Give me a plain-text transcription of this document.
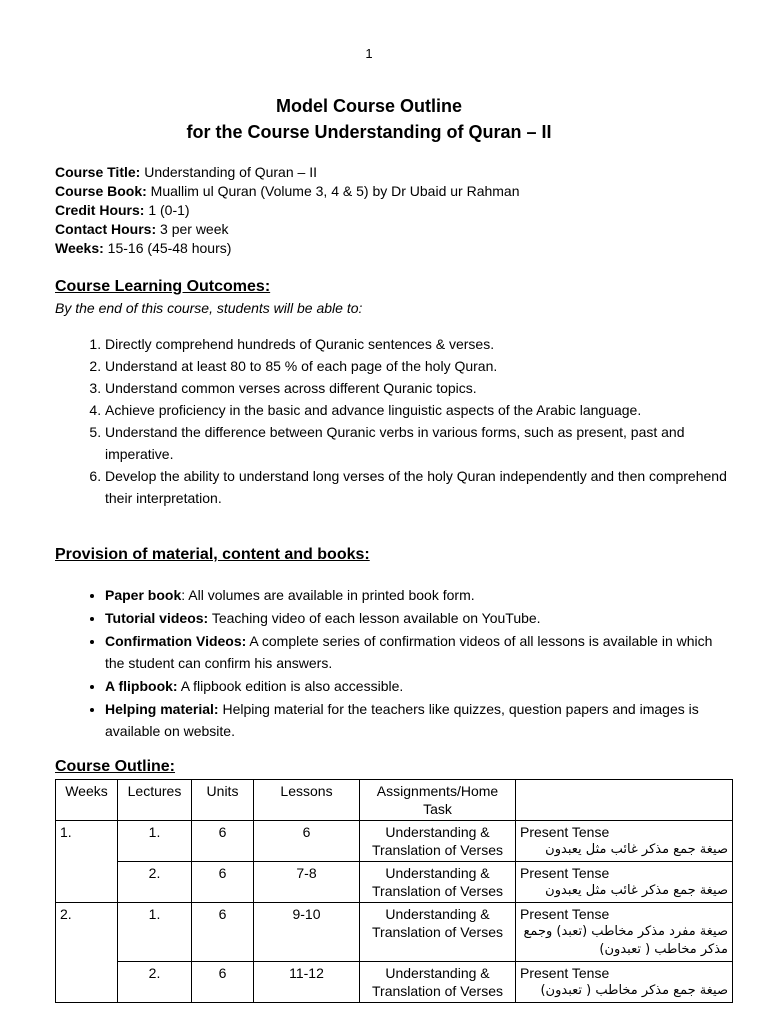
1
Model Course Outline
for the Course Understanding of Quran – II
Course Title: Understanding of Quran – II
Course Book: Muallim ul Quran (Volume 3, 4 & 5) by Dr Ubaid ur Rahman
Credit Hours: 1 (0-1)
Contact Hours: 3 per week
Weeks: 15-16 (45-48 hours)
Course Learning Outcomes:
By the end of this course, students will be able to:
1. Directly comprehend hundreds of Quranic sentences & verses.
2. Understand at least 80 to 85 % of each page of the holy Quran.
3. Understand common verses across different Quranic topics.
4. Achieve proficiency in the basic and advance linguistic aspects of the Arabic language.
5. Understand the difference between Quranic verbs in various forms, such as present, past and imperative.
6. Develop the ability to understand long verses of the holy Quran independently and then comprehend their interpretation.
Provision of material, content and books:
• Paper book: All volumes are available in printed book form.
• Tutorial videos: Teaching video of each lesson available on YouTube.
• Confirmation Videos: A complete series of confirmation videos of all lessons is available in which the student can confirm his answers.
• A flipbook: A flipbook edition is also accessible.
• Helping material: Helping material for the teachers like quizzes, question papers and images is available on website.
Course Outline:
Weeks	Lectures	Units	Lessons	Assignments/Home Task	
1.	1.	6	6	Understanding & Translation of Verses	Present Tense
صیغة جمع مذکر غائب مثل یعبدون

	2.	6	7-8	Understanding & Translation of Verses	Present Tense
صیغة جمع مذکر غائب مثل یعبدون

2.	1.	6	9-10	Understanding & Translation of Verses	Present Tense
صیغة مفرد مذکر مخاطب (تعبد) وجمع مذکر مخاطب ( تعبدون)

	2.	6	11-12	Understanding & Translation of Verses	Present Tense
صیغة جمع مذکر مخاطب ( تعبدون)
